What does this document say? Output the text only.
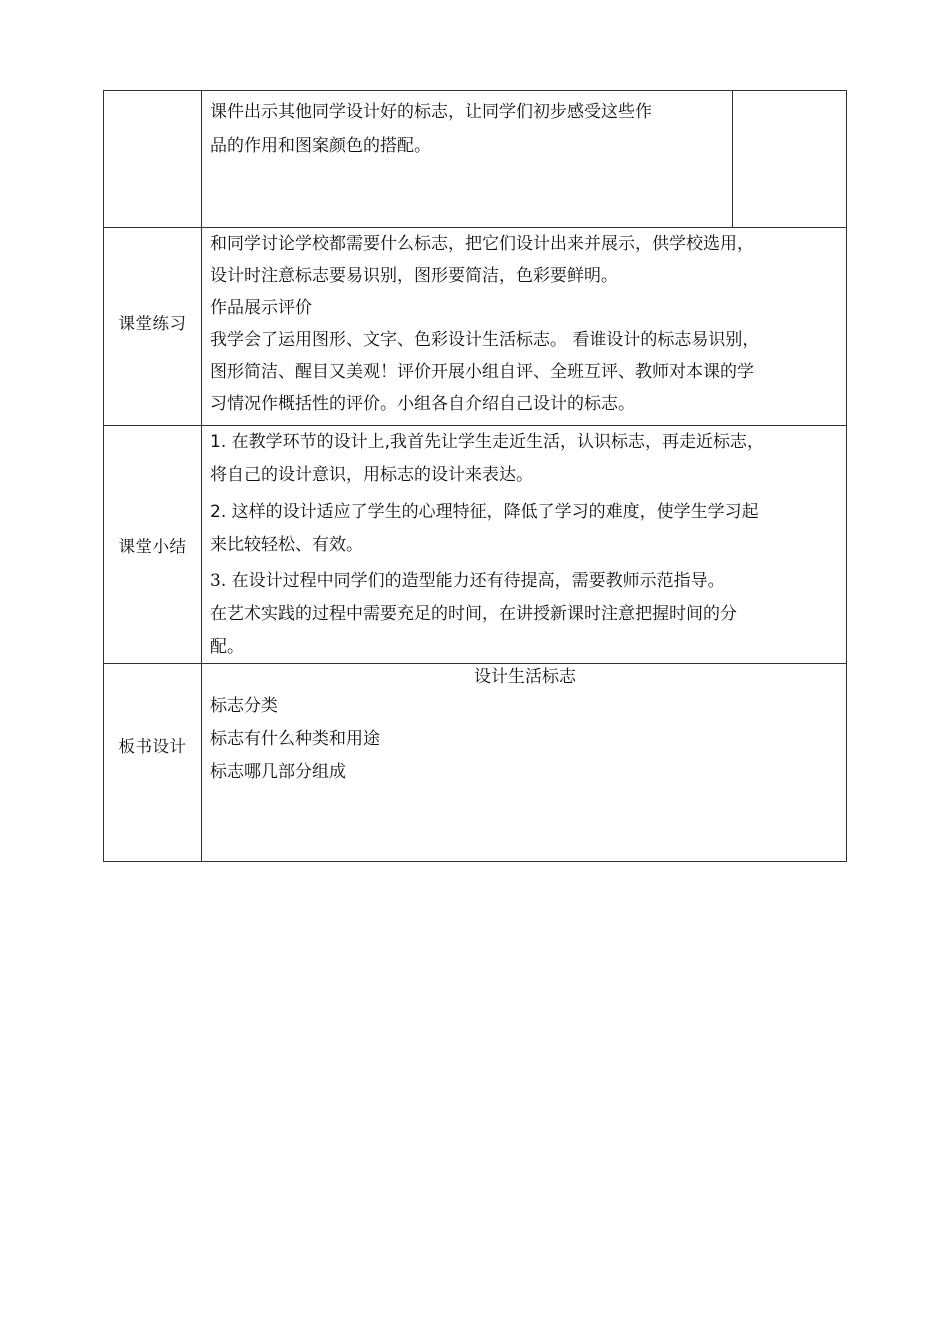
课件出示其他同学设计好的标志，让同学们初步感受这些作

品的作用和图案颜色的搭配。

课堂练习

和同学讨论学校都需要什么标志，把它们设计出来并展示，供学校选用，

设计时注意标志要易识别，图形要简洁，色彩要鲜明。

作品展示评价

我学会了运用图形、文字、色彩设计生活标志。 看谁设计的标志易识别，

图形简洁、醒目又美观！评价开展小组自评、全班互评、教师对本课的学

习情况作概括性的评价。小组各自介绍自己设计的标志。

课堂小结

1. 在教学环节的设计上,我首先让学生走近生活，认识标志，再走近标志，

将自己的设计意识，用标志的设计来表达。

2. 这样的设计适应了学生的心理特征，降低了学习的难度，使学生学习起

来比较轻松、有效。

3. 在设计过程中同学们的造型能力还有待提高，需要教师示范指导。

在艺术实践的过程中需要充足的时间，在讲授新课时注意把握时间的分

配。

板书设计

设计生活标志

标志分类

标志有什么种类和用途

标志哪几部分组成
